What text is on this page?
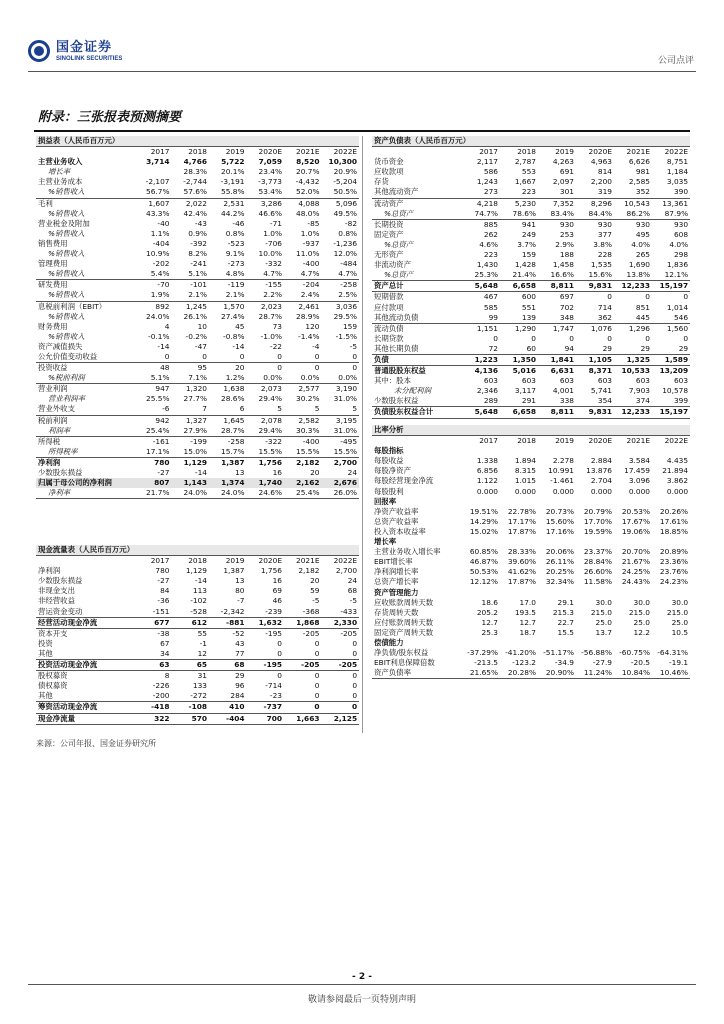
国金证券
SINOLINK SECURITIES	公司点评
附录：三张报表预测摘要
损益表（人民币百万元）						
	2017	2018	2019	2020E	2021E	2022E
主营业务收入	3,714	4,766	5,722	7,059	8,520	10,300
增长率		28.3%	20.1%	23.4%	20.7%	20.9%
主营业务成本	-2,107	-2,744	-3,191	-3,773	-4,432	-5,204
%销售收入	56.7%	57.6%	55.8%	53.4%	52.0%	50.5%
毛利	1,607	2,022	2,531	3,286	4,088	5,096
%销售收入	43.3%	42.4%	44.2%	46.6%	48.0%	49.5%
营业税金及附加	-40	-43	-46	-71	-85	-82
%销售收入	1.1%	0.9%	0.8%	1.0%	1.0%	0.8%
销售费用	-404	-392	-523	-706	-937	-1,236
%销售收入	10.9%	8.2%	9.1%	10.0%	11.0%	12.0%
管理费用	-202	-241	-273	-332	-400	-484
%销售收入	5.4%	5.1%	4.8%	4.7%	4.7%	4.7%
研发费用	-70	-101	-119	-155	-204	-258
%销售收入	1.9%	2.1%	2.1%	2.2%	2.4%	2.5%
息税前利润（EBIT）	892	1,245	1,570	2,023	2,461	3,036
%销售收入	24.0%	26.1%	27.4%	28.7%	28.9%	29.5%
财务费用	4	10	45	73	120	159
%销售收入	-0.1%	-0.2%	-0.8%	-1.0%	-1.4%	-1.5%
资产减值损失	-14	-47	-14	-22	-4	-5
公允价值变动收益	0	0	0	0	0	0
投资收益	48	95	20	0	0	0
%税前利润	5.1%	7.1%	1.2%	0.0%	0.0%	0.0%
营业利润	947	1,320	1,638	2,073	2,577	3,190
营业利润率	25.5%	27.7%	28.6%	29.4%	30.2%	31.0%
营业外收支	-6	7	6	5	5	5
税前利润	942	1,327	1,645	2,078	2,582	3,195
利润率	25.4%	27.9%	28.7%	29.4%	30.3%	31.0%
所得税	-161	-199	-258	-322	-400	-495
所得税率	17.1%	15.0%	15.7%	15.5%	15.5%	15.5%
净利润	780	1,129	1,387	1,756	2,182	2,700
少数股东损益	-27	-14	13	16	20	24
归属于母公司的净利润	807	1,143	1,374	1,740	2,162	2,676
净利率	21.7%	24.0%	24.0%	24.6%	25.4%	26.0%
现金流量表（人民币百万元）						
	2017	2018	2019	2020E	2021E	2022E
净利润	780	1,129	1,387	1,756	2,182	2,700
少数股东损益	-27	-14	13	16	20	24
非现金支出	84	113	80	69	59	68
非经营收益	-36	-102	-7	46	-5	-5
营运资金变动	-151	-528	-2,342	-239	-368	-433
经营活动现金净流	677	612	-881	1,632	1,868	2,330
资本开支	-38	55	-52	-195	-205	-205
投资	67	-1	43	0	0	0
其他	34	12	77	0	0	0
投资活动现金净流	63	65	68	-195	-205	-205
股权募资	8	31	29	0	0	0
债权募资	-226	133	96	-714	0	0
其他	-200	-272	284	-23	0	0
筹资活动现金净流	-418	-108	410	-737	0	0
现金净流量	322	570	-404	700	1,663	2,125
资产负债表（人民币百万元）						
	2017	2018	2019	2020E	2021E	2022E
货币资金	2,117	2,787	4,263	4,963	6,626	8,751
应收款项	586	553	691	814	981	1,184
存货	1,243	1,667	2,097	2,200	2,585	3,035
其他流动资产	273	223	301	319	352	390
流动资产	4,218	5,230	7,352	8,296	10,543	13,361
%总资产	74.7%	78.6%	83.4%	84.4%	86.2%	87.9%
长期投资	885	941	930	930	930	930
固定资产	262	249	253	377	495	608
%总资产	4.6%	3.7%	2.9%	3.8%	4.0%	4.0%
无形资产	223	159	188	228	265	298
非流动资产	1,430	1,428	1,458	1,535	1,690	1,836
%总资产	25.3%	21.4%	16.6%	15.6%	13.8%	12.1%
资产总计	5,648	6,658	8,811	9,831	12,233	15,197
短期借款	467	600	697	0	0	0
应付款项	585	551	702	714	851	1,014
其他流动负债	99	139	348	362	445	546
流动负债	1,151	1,290	1,747	1,076	1,296	1,560
长期贷款	0	0	0	0	0	0
其他长期负债	72	60	94	29	29	29
负债	1,223	1,350	1,841	1,105	1,325	1,589
普通股股东权益	4,136	5,016	6,631	8,371	10,533	13,209
其中：股本	603	603	603	603	603	603
未分配利润	2,346	3,117	4,001	5,741	7,903	10,578
少数股东权益	289	291	338	354	374	399
负债股东权益合计	5,648	6,658	8,811	9,831	12,233	15,197
比率分析						
	2017	2018	2019	2020E	2021E	2022E
每股指标						
每股收益	1.338	1.894	2.278	2.884	3.584	4.435
每股净资产	6.856	8.315	10.991	13.876	17.459	21.894
每股经营现金净流	1.122	1.015	-1.461	2.704	3.096	3.862
每股股利	0.000	0.000	0.000	0.000	0.000	0.000
回报率						
净资产收益率	19.51%	22.78%	20.73%	20.79%	20.53%	20.26%
总资产收益率	14.29%	17.17%	15.60%	17.70%	17.67%	17.61%
投入资本收益率	15.02%	17.87%	17.16%	19.59%	19.06%	18.85%
增长率						
主营业务收入增长率	60.85%	28.33%	20.06%	23.37%	20.70%	20.89%
EBIT增长率	46.87%	39.60%	26.11%	28.84%	21.67%	23.36%
净利润增长率	50.53%	41.62%	20.25%	26.60%	24.25%	23.76%
总资产增长率	12.12%	17.87%	32.34%	11.58%	24.43%	24.23%
资产管理能力						
应收账款周转天数	18.6	17.0	29.1	30.0	30.0	30.0
存货周转天数	205.2	193.5	215.3	215.0	215.0	215.0
应付账款周转天数	12.7	12.7	22.7	25.0	25.0	25.0
固定资产周转天数	25.3	18.7	15.5	13.7	12.2	10.5
偿债能力						
净负债/股东权益	-37.29%	-41.20%	-51.17%	-56.88%	-60.75%	-64.31%
EBIT利息保障倍数	-213.5	-123.2	-34.9	-27.9	-20.5	-19.1
资产负债率	21.65%	20.28%	20.90%	11.24%	10.84%	10.46%
来源：公司年报、国金证券研究所
- 2 -
敬请参阅最后一页特别声明
